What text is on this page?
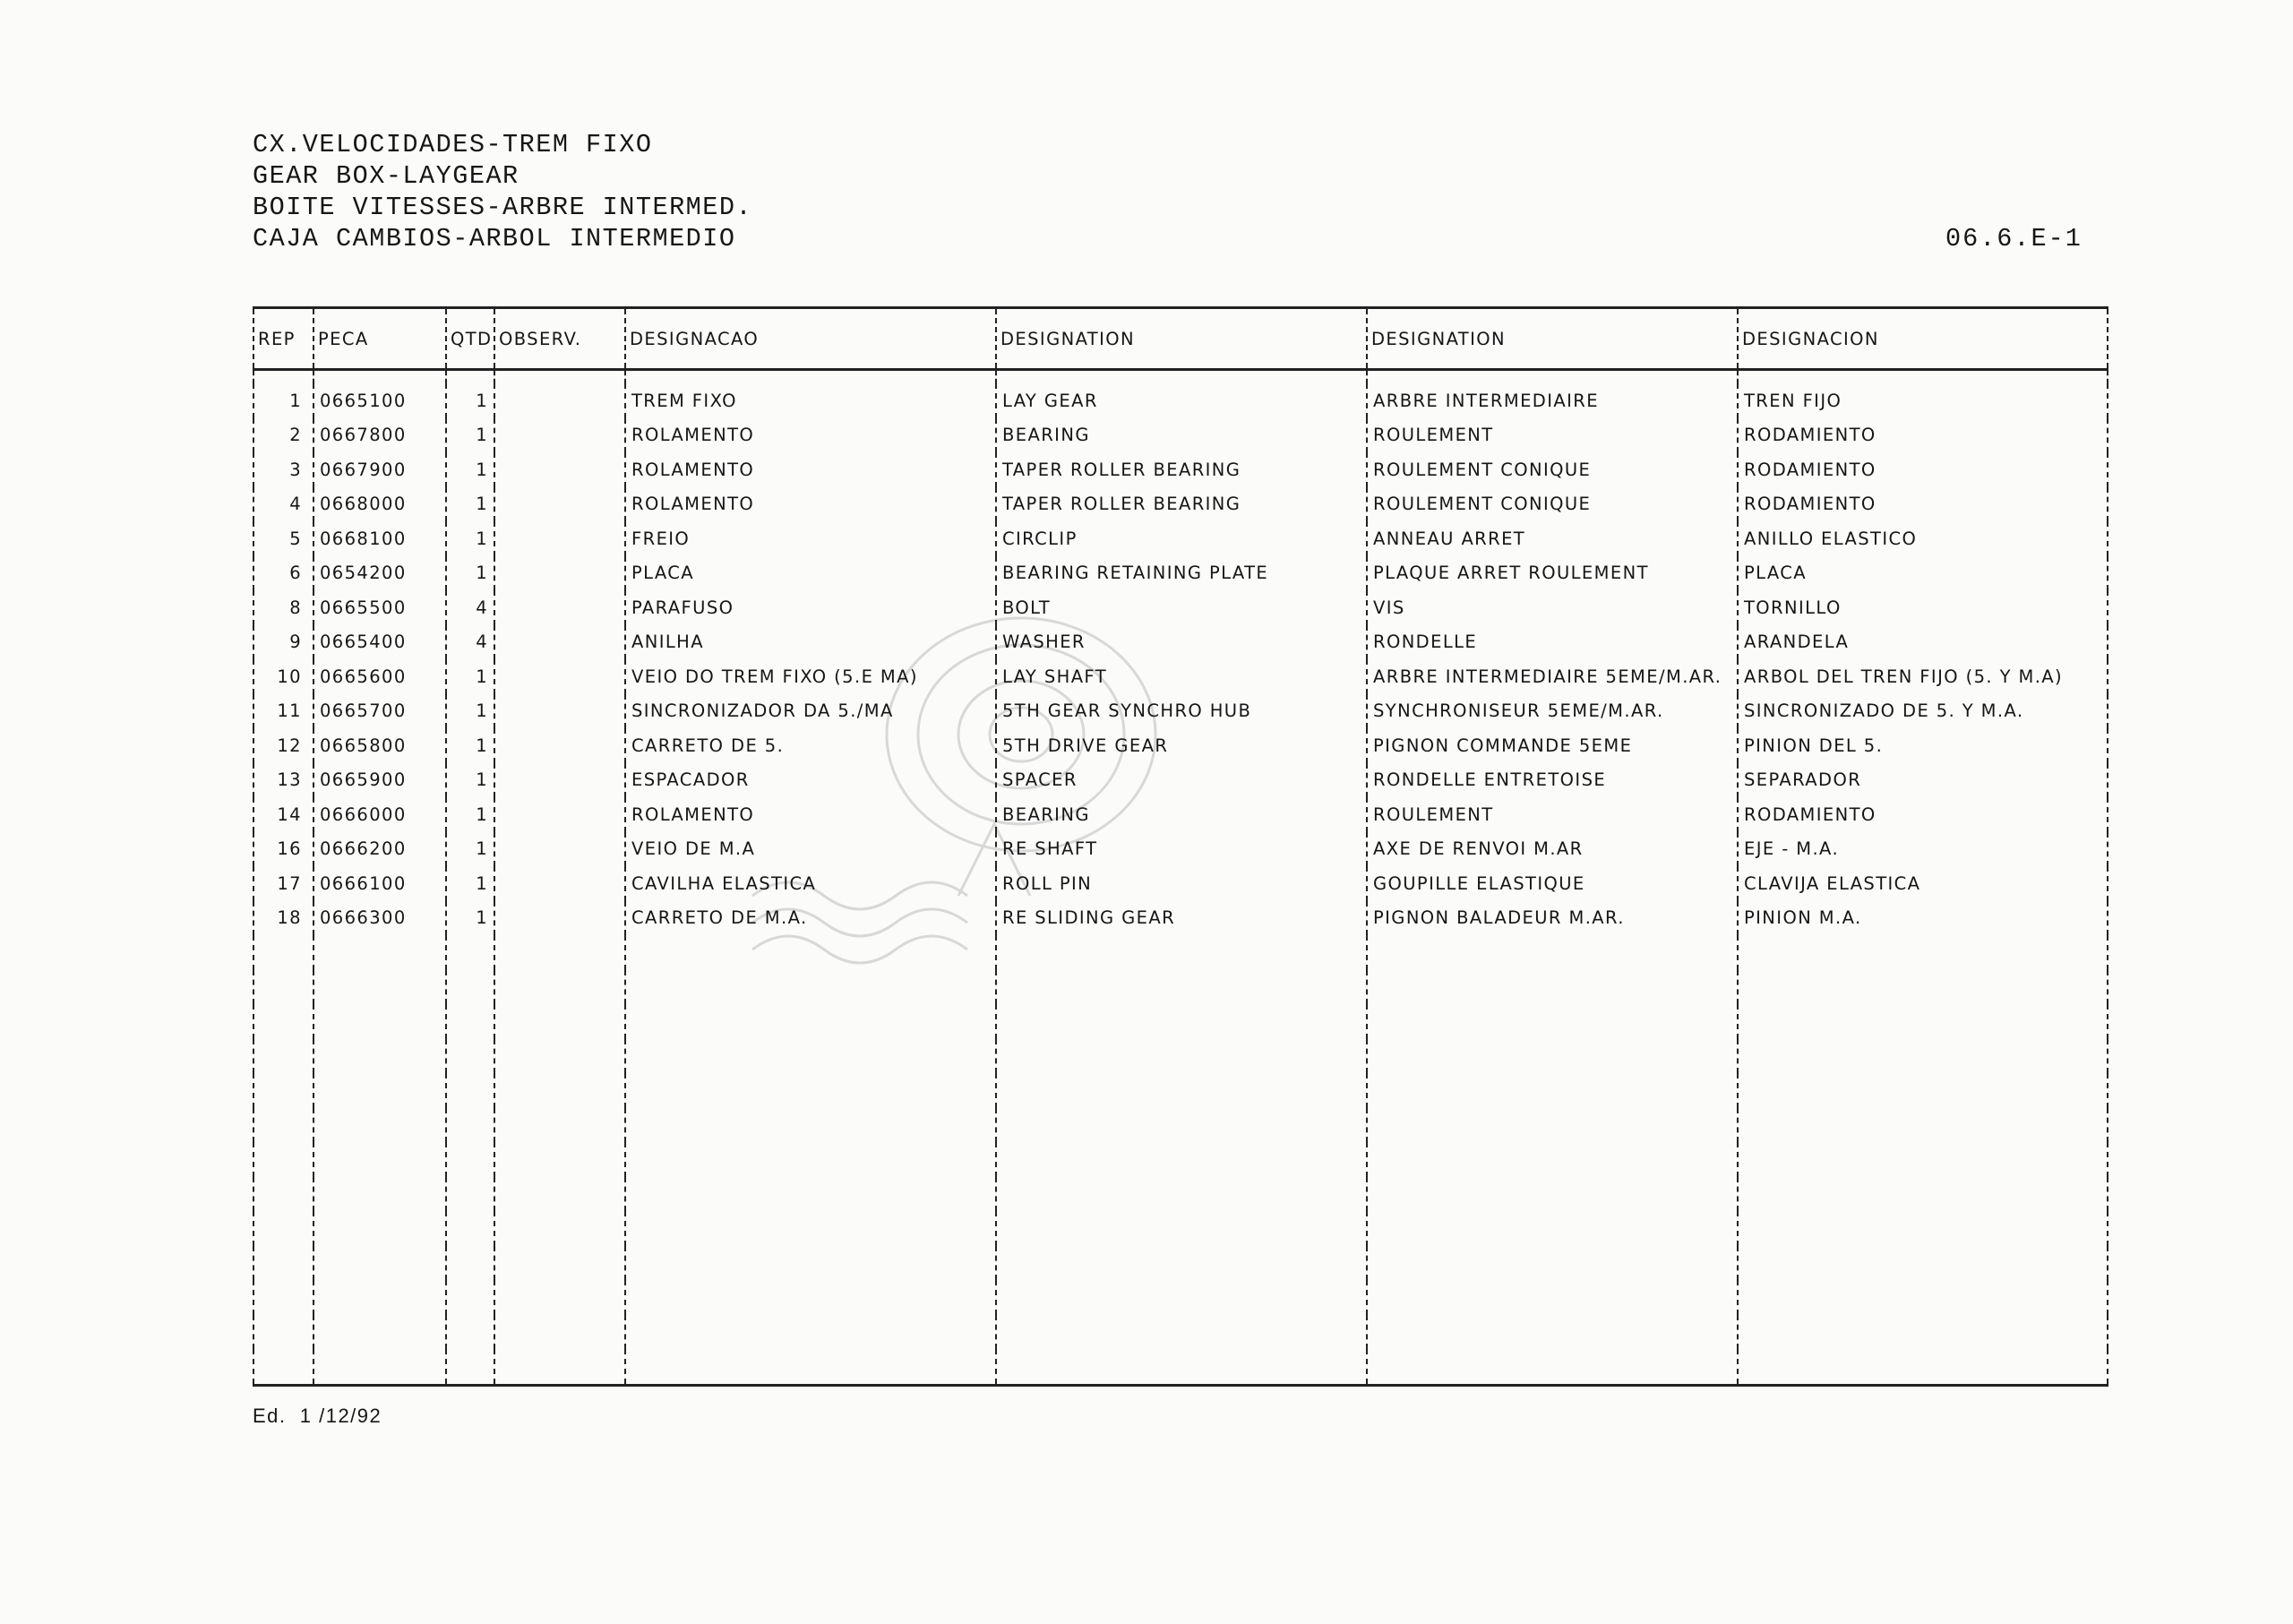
CX.VELOCIDADES-TREM FIXO
GEAR BOX-LAYGEAR
BOITE VITESSES-ARBRE INTERMED.
CAJA CAMBIOS-ARBOL INTERMEDIO	06.6.E-1
REP	PECA	QTD	OBSERV.	DESIGNACAO	DESIGNATION	DESIGNATION	DESIGNACION

1	0665100	1		TREM FIXO	LAY GEAR	ARBRE INTERMEDIAIRE	TREN FIJO
2	0667800	1		ROLAMENTO	BEARING	ROULEMENT	RODAMIENTO
3	0667900	1		ROLAMENTO	TAPER ROLLER BEARING	ROULEMENT CONIQUE	RODAMIENTO
4	0668000	1		ROLAMENTO	TAPER ROLLER BEARING	ROULEMENT CONIQUE	RODAMIENTO
5	0668100	1		FREIO	CIRCLIP	ANNEAU ARRET	ANILLO ELASTICO
6	0654200	1		PLACA	BEARING RETAINING PLATE	PLAQUE ARRET ROULEMENT	PLACA
8	0665500	4		PARAFUSO	BOLT	VIS	TORNILLO
9	0665400	4		ANILHA	WASHER	RONDELLE	ARANDELA
10	0665600	1		VEIO DO TREM FIXO (5.E MA)	LAY SHAFT	ARBRE INTERMEDIAIRE 5EME/M.AR.	ARBOL DEL TREN FIJO (5. Y M.A)
11	0665700	1		SINCRONIZADOR DA 5./MA	5TH GEAR SYNCHRO HUB	SYNCHRONISEUR 5EME/M.AR.	SINCRONIZADO DE 5. Y M.A.
12	0665800	1		CARRETO DE 5.	5TH DRIVE GEAR	PIGNON COMMANDE 5EME	PINION DEL 5.
13	0665900	1		ESPACADOR	SPACER	RONDELLE ENTRETOISE	SEPARADOR
14	0666000	1		ROLAMENTO	BEARING	ROULEMENT	RODAMIENTO
16	0666200	1		VEIO DE M.A	RE SHAFT	AXE DE RENVOI M.AR	EJE - M.A.
17	0666100	1		CAVILHA ELASTICA	ROLL PIN	GOUPILLE ELASTIQUE	CLAVIJA ELASTICA
18	0666300	1		CARRETO DE M.A.	RE SLIDING GEAR	PIGNON BALADEUR M.AR.	PINION M.A.

Ed.  1 /12/92
